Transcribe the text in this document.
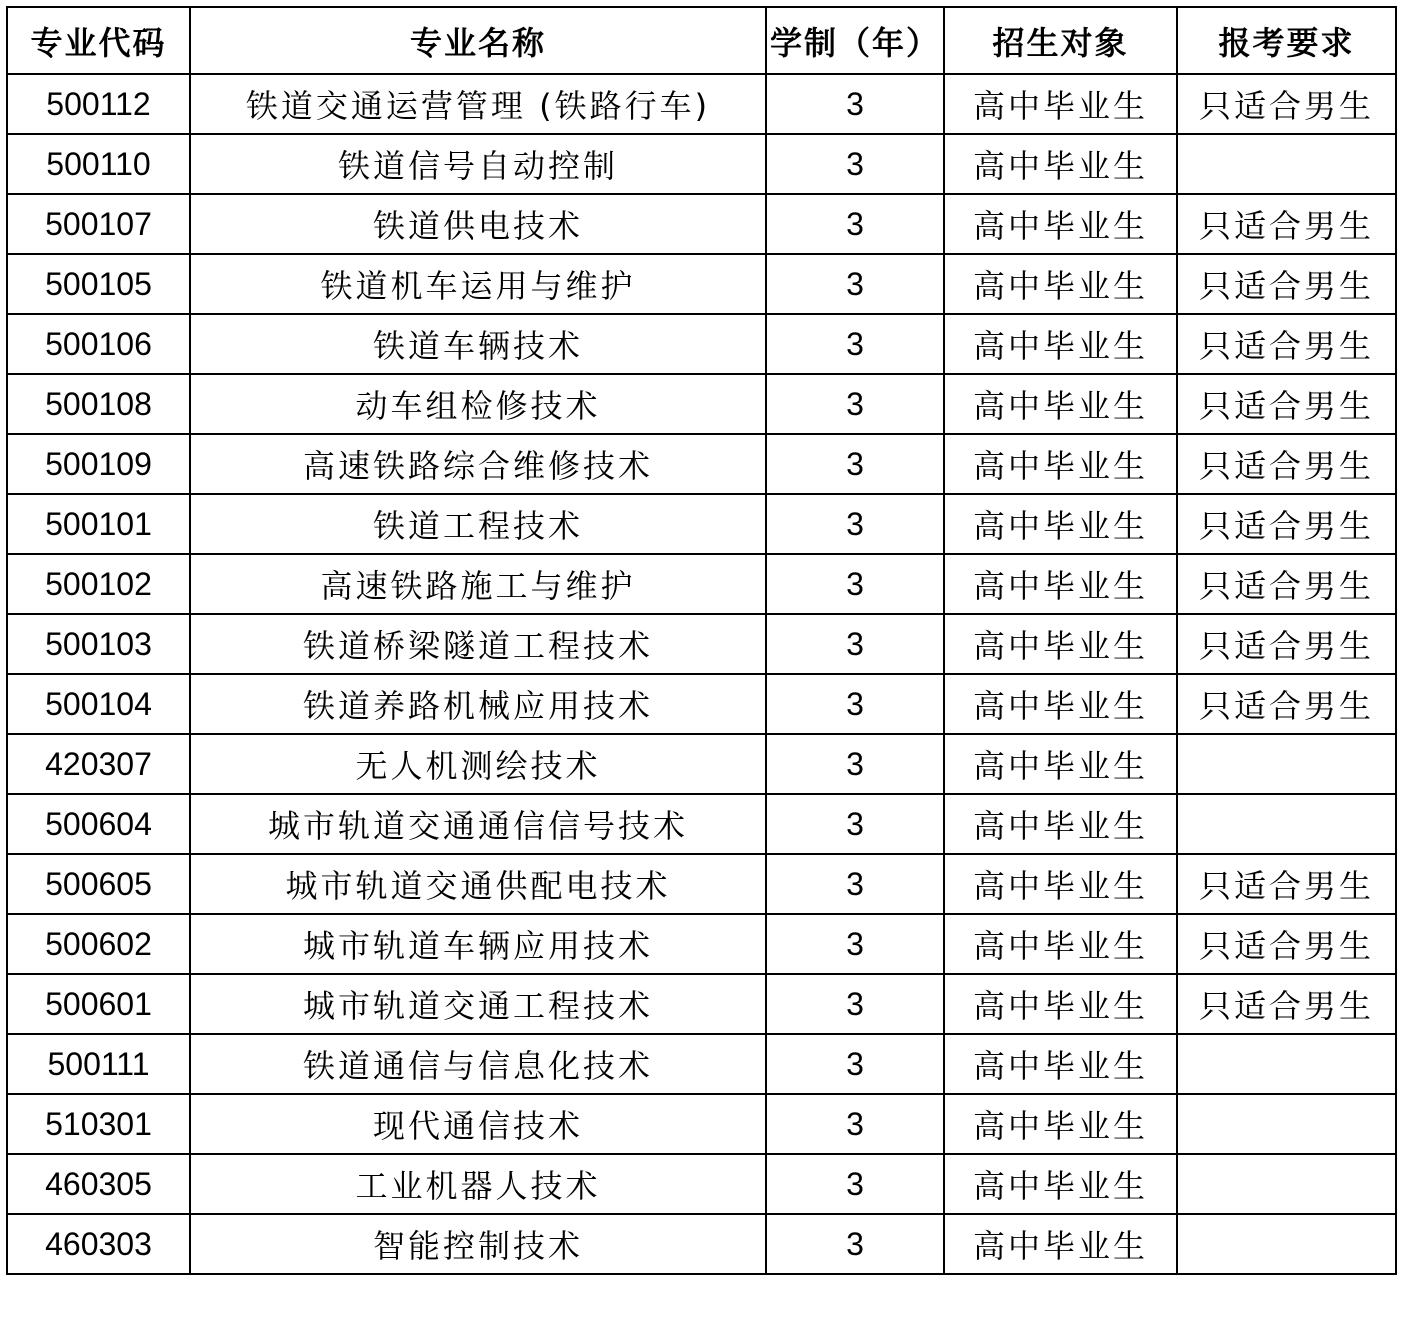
专业代码	专业名称	学制（年）	招生对象	报考要求
500112	铁道交通运营管理 (铁路行车)	3	高中毕业生	只适合男生
500110	铁道信号自动控制	3	高中毕业生	
500107	铁道供电技术	3	高中毕业生	只适合男生
500105	铁道机车运用与维护	3	高中毕业生	只适合男生
500106	铁道车辆技术	3	高中毕业生	只适合男生
500108	动车组检修技术	3	高中毕业生	只适合男生
500109	高速铁路综合维修技术	3	高中毕业生	只适合男生
500101	铁道工程技术	3	高中毕业生	只适合男生
500102	高速铁路施工与维护	3	高中毕业生	只适合男生
500103	铁道桥梁隧道工程技术	3	高中毕业生	只适合男生
500104	铁道养路机械应用技术	3	高中毕业生	只适合男生
420307	无人机测绘技术	3	高中毕业生	
500604	城市轨道交通通信信号技术	3	高中毕业生	
500605	城市轨道交通供配电技术	3	高中毕业生	只适合男生
500602	城市轨道车辆应用技术	3	高中毕业生	只适合男生
500601	城市轨道交通工程技术	3	高中毕业生	只适合男生
500111	铁道通信与信息化技术	3	高中毕业生	
510301	现代通信技术	3	高中毕业生	
460305	工业机器人技术	3	高中毕业生	
460303	智能控制技术	3	高中毕业生	
